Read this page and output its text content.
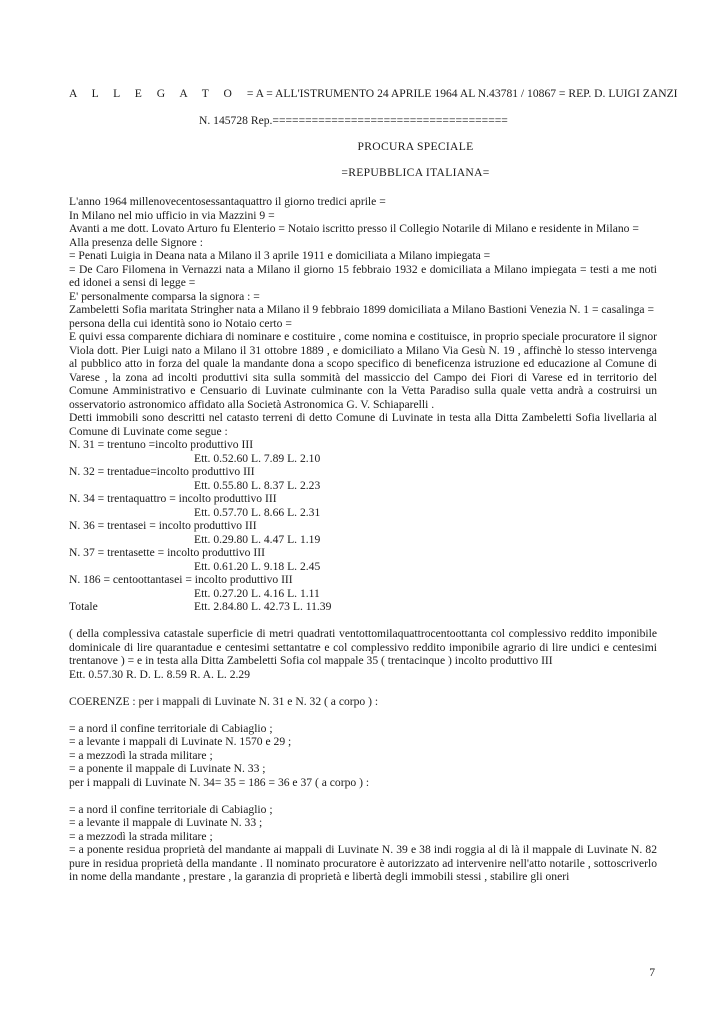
A L L E G A T O = A = ALL'ISTRUMENTO 24 APRILE 1964 AL N.43781 / 10867 = REP. D. LUIGI ZANZI
N. 145728 Rep.====================================
PROCURA SPECIALE
=REPUBBLICA ITALIANA=

L'anno 1964 millenovecentosessantaquattro il giorno tredici aprile =

In Milano nel mio ufficio in via Mazzini 9 =

Avanti a me dott. Lovato Arturo fu Elenterio = Notaio iscritto presso il Collegio Notarile di Milano e residente in Milano =

Alla presenza delle Signore :

= Penati Luigia in Deana nata a Milano il 3 aprile 1911 e domiciliata a Milano impiegata =

= De Caro Filomena in Vernazzi nata a Milano il giorno 15 febbraio 1932 e domiciliata a Milano impiegata = testi a me noti ed idonei a sensi di legge =

E' personalmente comparsa la signora : =

Zambeletti Sofia maritata Stringher nata a Milano il 9 febbraio 1899 domiciliata a Milano Bastioni Venezia N. 1 = casalinga =

persona della cui identità sono io Notaio certo =

E quivi essa comparente dichiara di nominare e costituire , come nomina e costituisce, in proprio speciale procuratore il signor Viola dott. Pier Luigi nato a Milano il 31 ottobre 1889 , e domiciliato a Milano Via Gesù N. 19 , affinchè lo stesso intervenga al pubblico atto in forza del quale la mandante dona a scopo specifico di beneficenza istruzione ed educazione al Comune di Varese , la zona ad incolti produttivi sita sulla sommità del massiccio del Campo dei Fiori di Varese ed in territorio del Comune Amministrativo e Censuario di Luvinate culminante con la Vetta Paradiso sulla quale vetta andrà a costruirsi un osservatorio astronomico affidato alla Società Astronomica G. V. Schiaparelli .

Detti immobili sono descritti nel catasto terreni di detto Comune di Luvinate in testa alla Ditta Zambeletti Sofia livellaria al Comune di Luvinate come segue :

N. 31 = trentuno =incolto produttivo III

Ett. 0.52.60 L. 7.89 L. 2.10

N. 32 = trentadue=incolto produttivo III

Ett. 0.55.80 L. 8.37 L. 2.23

N. 34 = trentaquattro = incolto produttivo III

Ett. 0.57.70 L. 8.66 L. 2.31

N. 36 = trentasei = incolto produttivo III

Ett. 0.29.80 L. 4.47 L. 1.19

N. 37 = trentasette = incolto produttivo III

Ett. 0.61.20 L. 9.18 L. 2.45

N. 186 = centoottantasei = incolto produttivo III

Ett. 0.27.20 L. 4.16 L. 1.11

Totale	Ett. 2.84.80 L. 42.73 L. 11.39

( della complessiva catastale superficie di metri quadrati ventottomilaquattrocentoottanta col complessivo reddito imponibile dominicale di lire quarantadue e centesimi settantatre e col complessivo reddito imponibile agrario di lire undici e centesimi trentanove ) = e in testa alla Ditta Zambeletti Sofia col mappale 35 ( trentacinque ) incolto produttivo III

Ett. 0.57.30 R. D. L. 8.59 R. A. L. 2.29

COERENZE : per i mappali di Luvinate N. 31 e N. 32 ( a corpo ) :

= a nord il confine territoriale di Cabiaglio ;

= a levante i mappali di Luvinate N. 1570 e 29 ;

= a mezzodì la strada militare ;

= a ponente il mappale di Luvinate N. 33 ;

per i mappali di Luvinate N. 34= 35 = 186 = 36 e 37 ( a corpo ) :

= a nord il confine territoriale di Cabiaglio ;

= a levante il mappale di Luvinate N. 33 ;

= a mezzodì la strada militare ;

= a ponente residua proprietà del mandante ai mappali di Luvinate N. 39 e 38 indi roggia al di là il mappale di Luvinate N. 82 pure in residua proprietà della mandante . Il nominato procuratore è autorizzato ad intervenire nell'atto notarile , sottoscriverlo in nome della mandante , prestare , la garanzia di proprietà e libertà degli immobili stessi , stabilire gli oneri

7
